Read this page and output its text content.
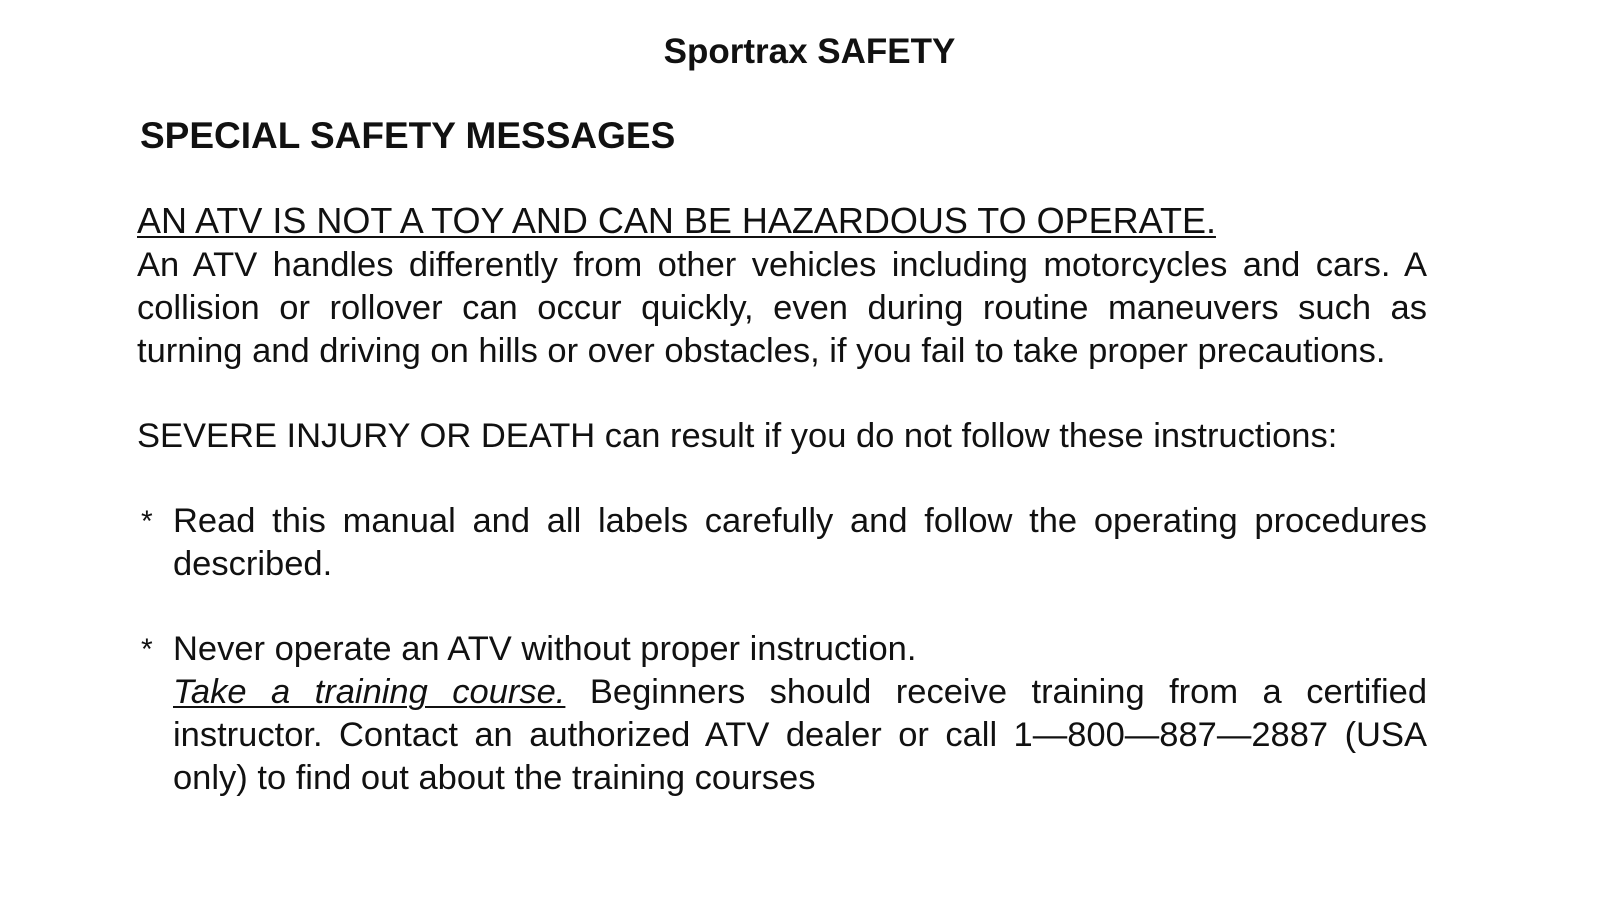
Sportrax SAFETY
SPECIAL SAFETY MESSAGES
AN ATV IS NOT A TOY AND CAN BE HAZARDOUS TO OPERATE.

An ATV handles differently from other vehicles including motorcycles and cars. A collision or rollover can occur quickly, even during routine maneuvers such as turning and driving on hills or over obstacles, if you fail to take proper precautions.

SEVERE INJURY OR DEATH can result if you do not follow these instructions:

* Read this manual and all labels carefully and follow the operating procedures described.

* Never operate an ATV without proper instruction.

Take a training course. Beginners should receive training from a certified instructor. Contact an authorized ATV dealer or call 1—800—887—2887 (USA only) to find out about the training courses
